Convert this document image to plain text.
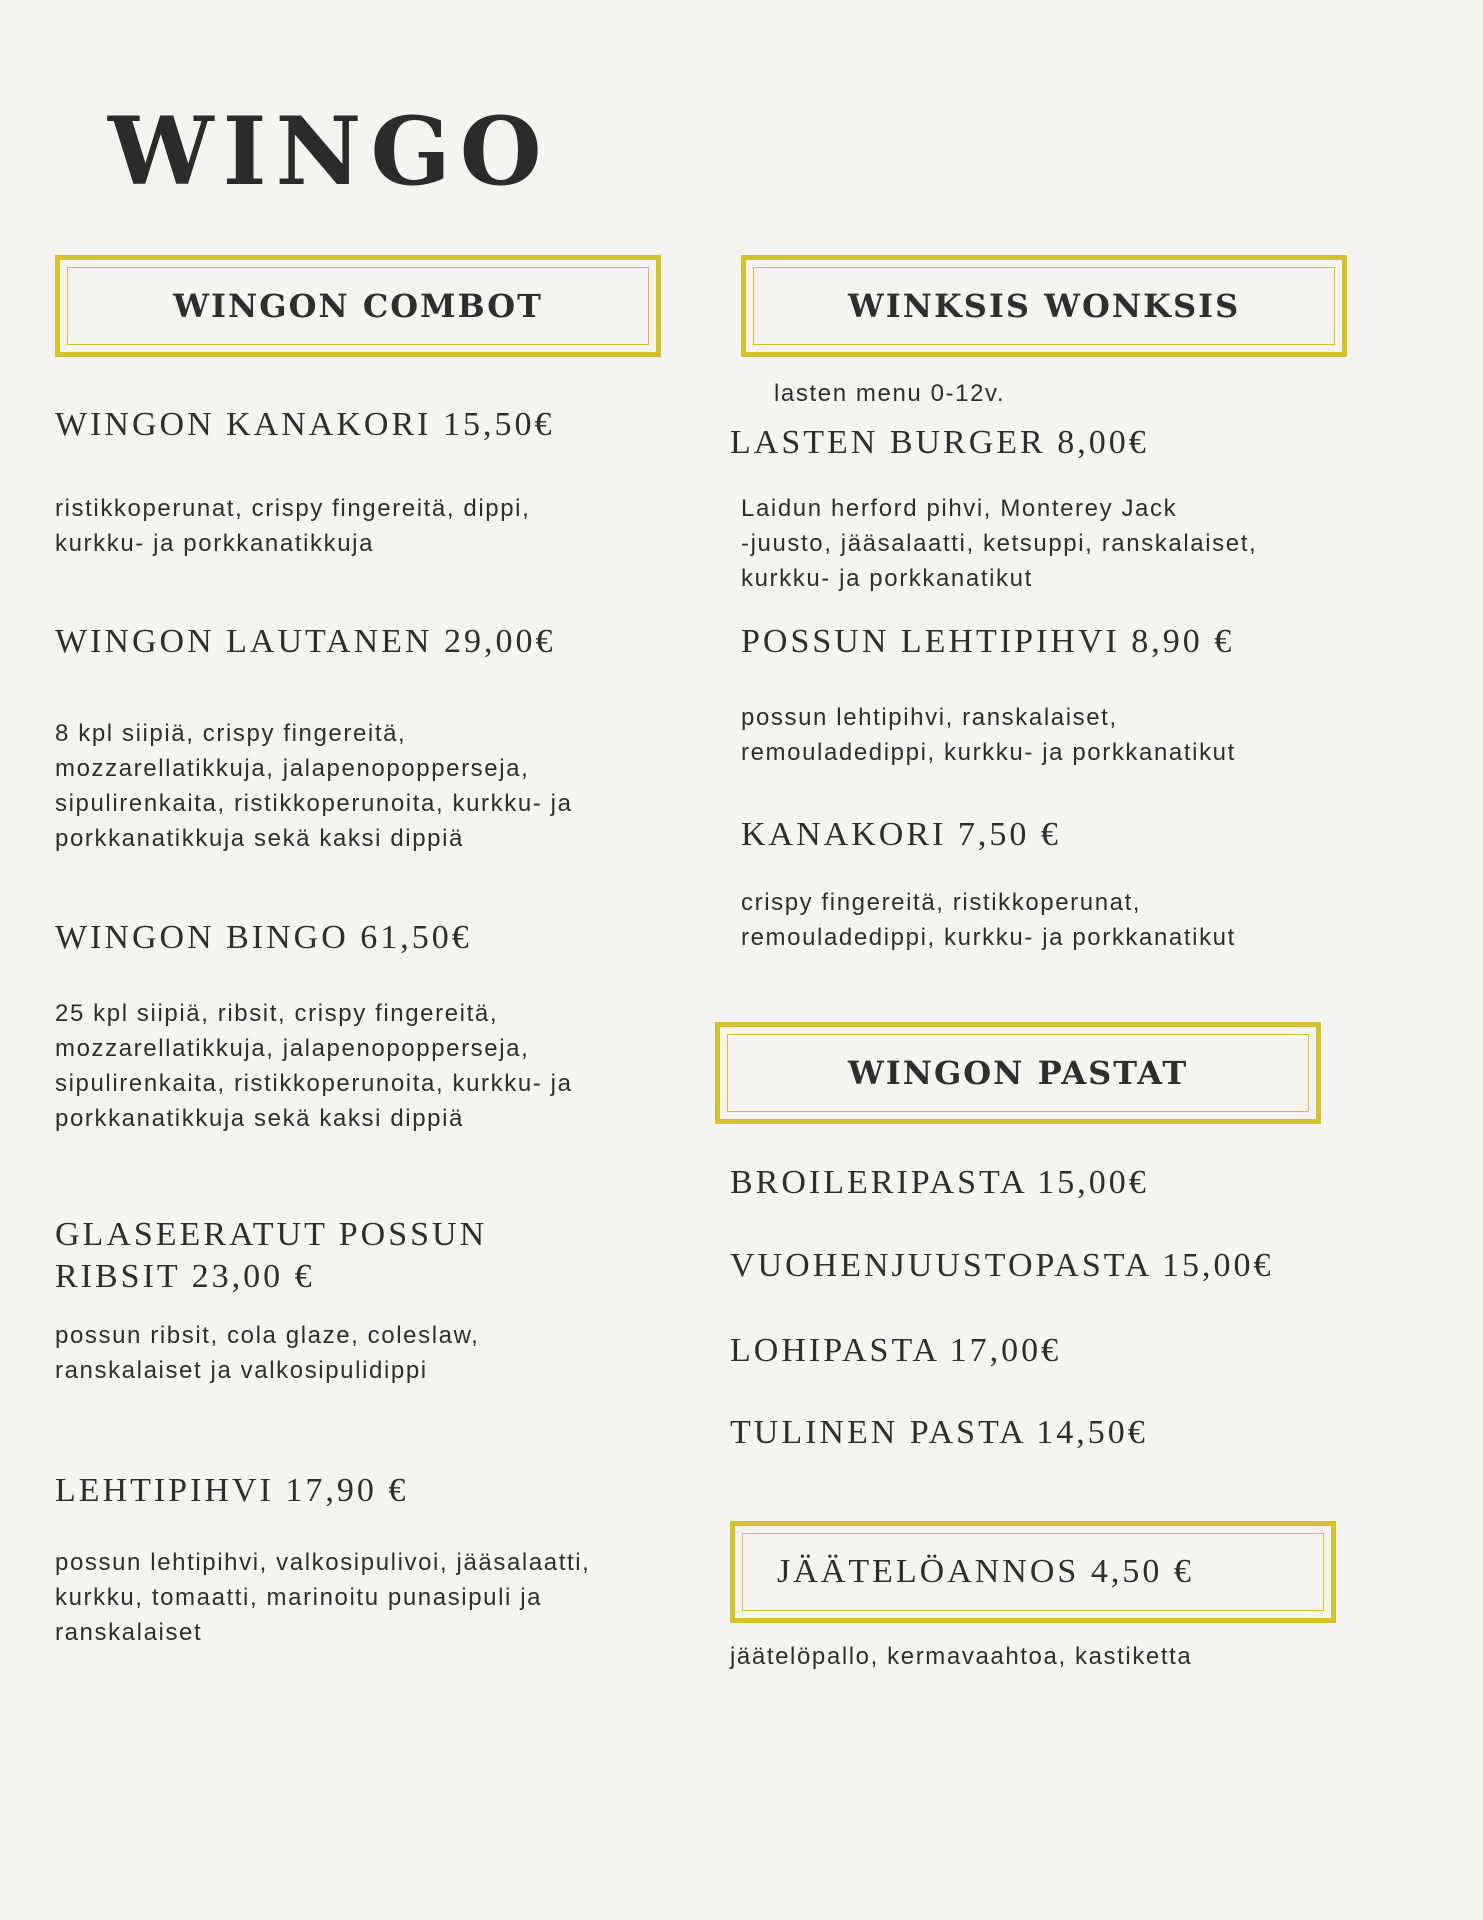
WINGO
WINGON COMBOT
WINGON KANAKORI 15,50€
ristikkoperunat, crispy fingereitä, dippi,
kurkku- ja porkkanatikkuja
WINGON LAUTANEN 29,00€
8 kpl siipiä, crispy fingereitä,
mozzarellatikkuja, jalapenopopperseja,
sipulirenkaita, ristikkoperunoita, kurkku- ja
porkkanatikkuja sekä kaksi dippiä
WINGON BINGO 61,50€
25 kpl siipiä, ribsit, crispy fingereitä,
mozzarellatikkuja, jalapenopopperseja,
sipulirenkaita, ristikkoperunoita, kurkku- ja
porkkanatikkuja sekä kaksi dippiä
GLASEERATUT POSSUN
RIBSIT 23,00 €
possun ribsit, cola glaze, coleslaw,
ranskalaiset ja valkosipulidippi
LEHTIPIHVI 17,90 €
possun lehtipihvi, valkosipulivoi, jääsalaatti,
kurkku, tomaatti, marinoitu punasipuli ja
ranskalaiset
WINKSIS WONKSIS
lasten menu 0-12v.
LASTEN BURGER 8,00€
Laidun herford pihvi, Monterey Jack
-juusto, jääsalaatti, ketsuppi, ranskalaiset,
kurkku- ja porkkanatikut
POSSUN LEHTIPIHVI 8,90 €
possun lehtipihvi, ranskalaiset,
remouladedippi, kurkku- ja porkkanatikut
KANAKORI 7,50 €
crispy fingereitä, ristikkoperunat,
remouladedippi, kurkku- ja porkkanatikut
WINGON PASTAT
BROILERIPASTA 15,00€
VUOHENJUUSTOPASTA 15,00€
LOHIPASTA 17,00€
TULINEN PASTA 14,50€
JÄÄTELÖANNOS 4,50 €
jäätelöpallo, kermavaahtoa, kastiketta
